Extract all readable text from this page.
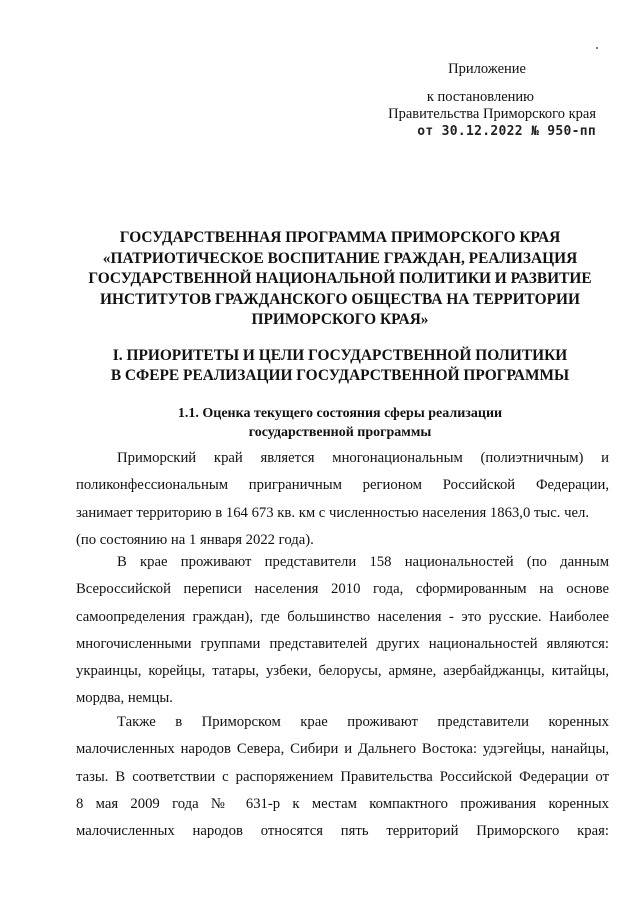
Приложение
к постановлению
Правительства Приморского края
от 30.12.2022 № 950-пп
ГОСУДАРСТВЕННАЯ ПРОГРАММА ПРИМОРСКОГО КРАЯ
«ПАТРИОТИЧЕСКОЕ ВОСПИТАНИЕ ГРАЖДАН, РЕАЛИЗАЦИЯ
ГОСУДАРСТВЕННОЙ НАЦИОНАЛЬНОЙ ПОЛИТИКИ И РАЗВИТИЕ
ИНСТИТУТОВ ГРАЖДАНСКОГО ОБЩЕСТВА НА ТЕРРИТОРИИ
ПРИМОРСКОГО КРАЯ»
I. ПРИОРИТЕТЫ И ЦЕЛИ ГОСУДАРСТВЕННОЙ ПОЛИТИКИ
В СФЕРЕ РЕАЛИЗАЦИИ ГОСУДАРСТВЕННОЙ ПРОГРАММЫ
1.1. Оценка текущего состояния сферы реализации
государственной программы
Приморский край является многонациональным (полиэтничным) и
поликонфессиональным приграничным регионом Российской Федерации,
занимает территорию в 164 673 кв. км с численностью населения 1863,0 тыс. чел.
(по состоянию на 1 января 2022 года).
В крае проживают представители 158 национальностей (по данным
Всероссийской переписи населения 2010 года, сформированным на основе
самоопределения граждан), где большинство населения - это русские. Наиболее
многочисленными группами представителей других национальностей являются:
украинцы, корейцы, татары, узбеки, белорусы, армяне, азербайджанцы, китайцы,
мордва, немцы.
Также в Приморском крае проживают представители коренных
малочисленных народов Севера, Сибири и Дальнего Востока: удэгейцы, нанайцы,
тазы. В соответствии с распоряжением Правительства Российской Федерации от
8 мая 2009 года № 631-р к местам компактного проживания коренных
малочисленных народов относятся пять территорий Приморского края:
